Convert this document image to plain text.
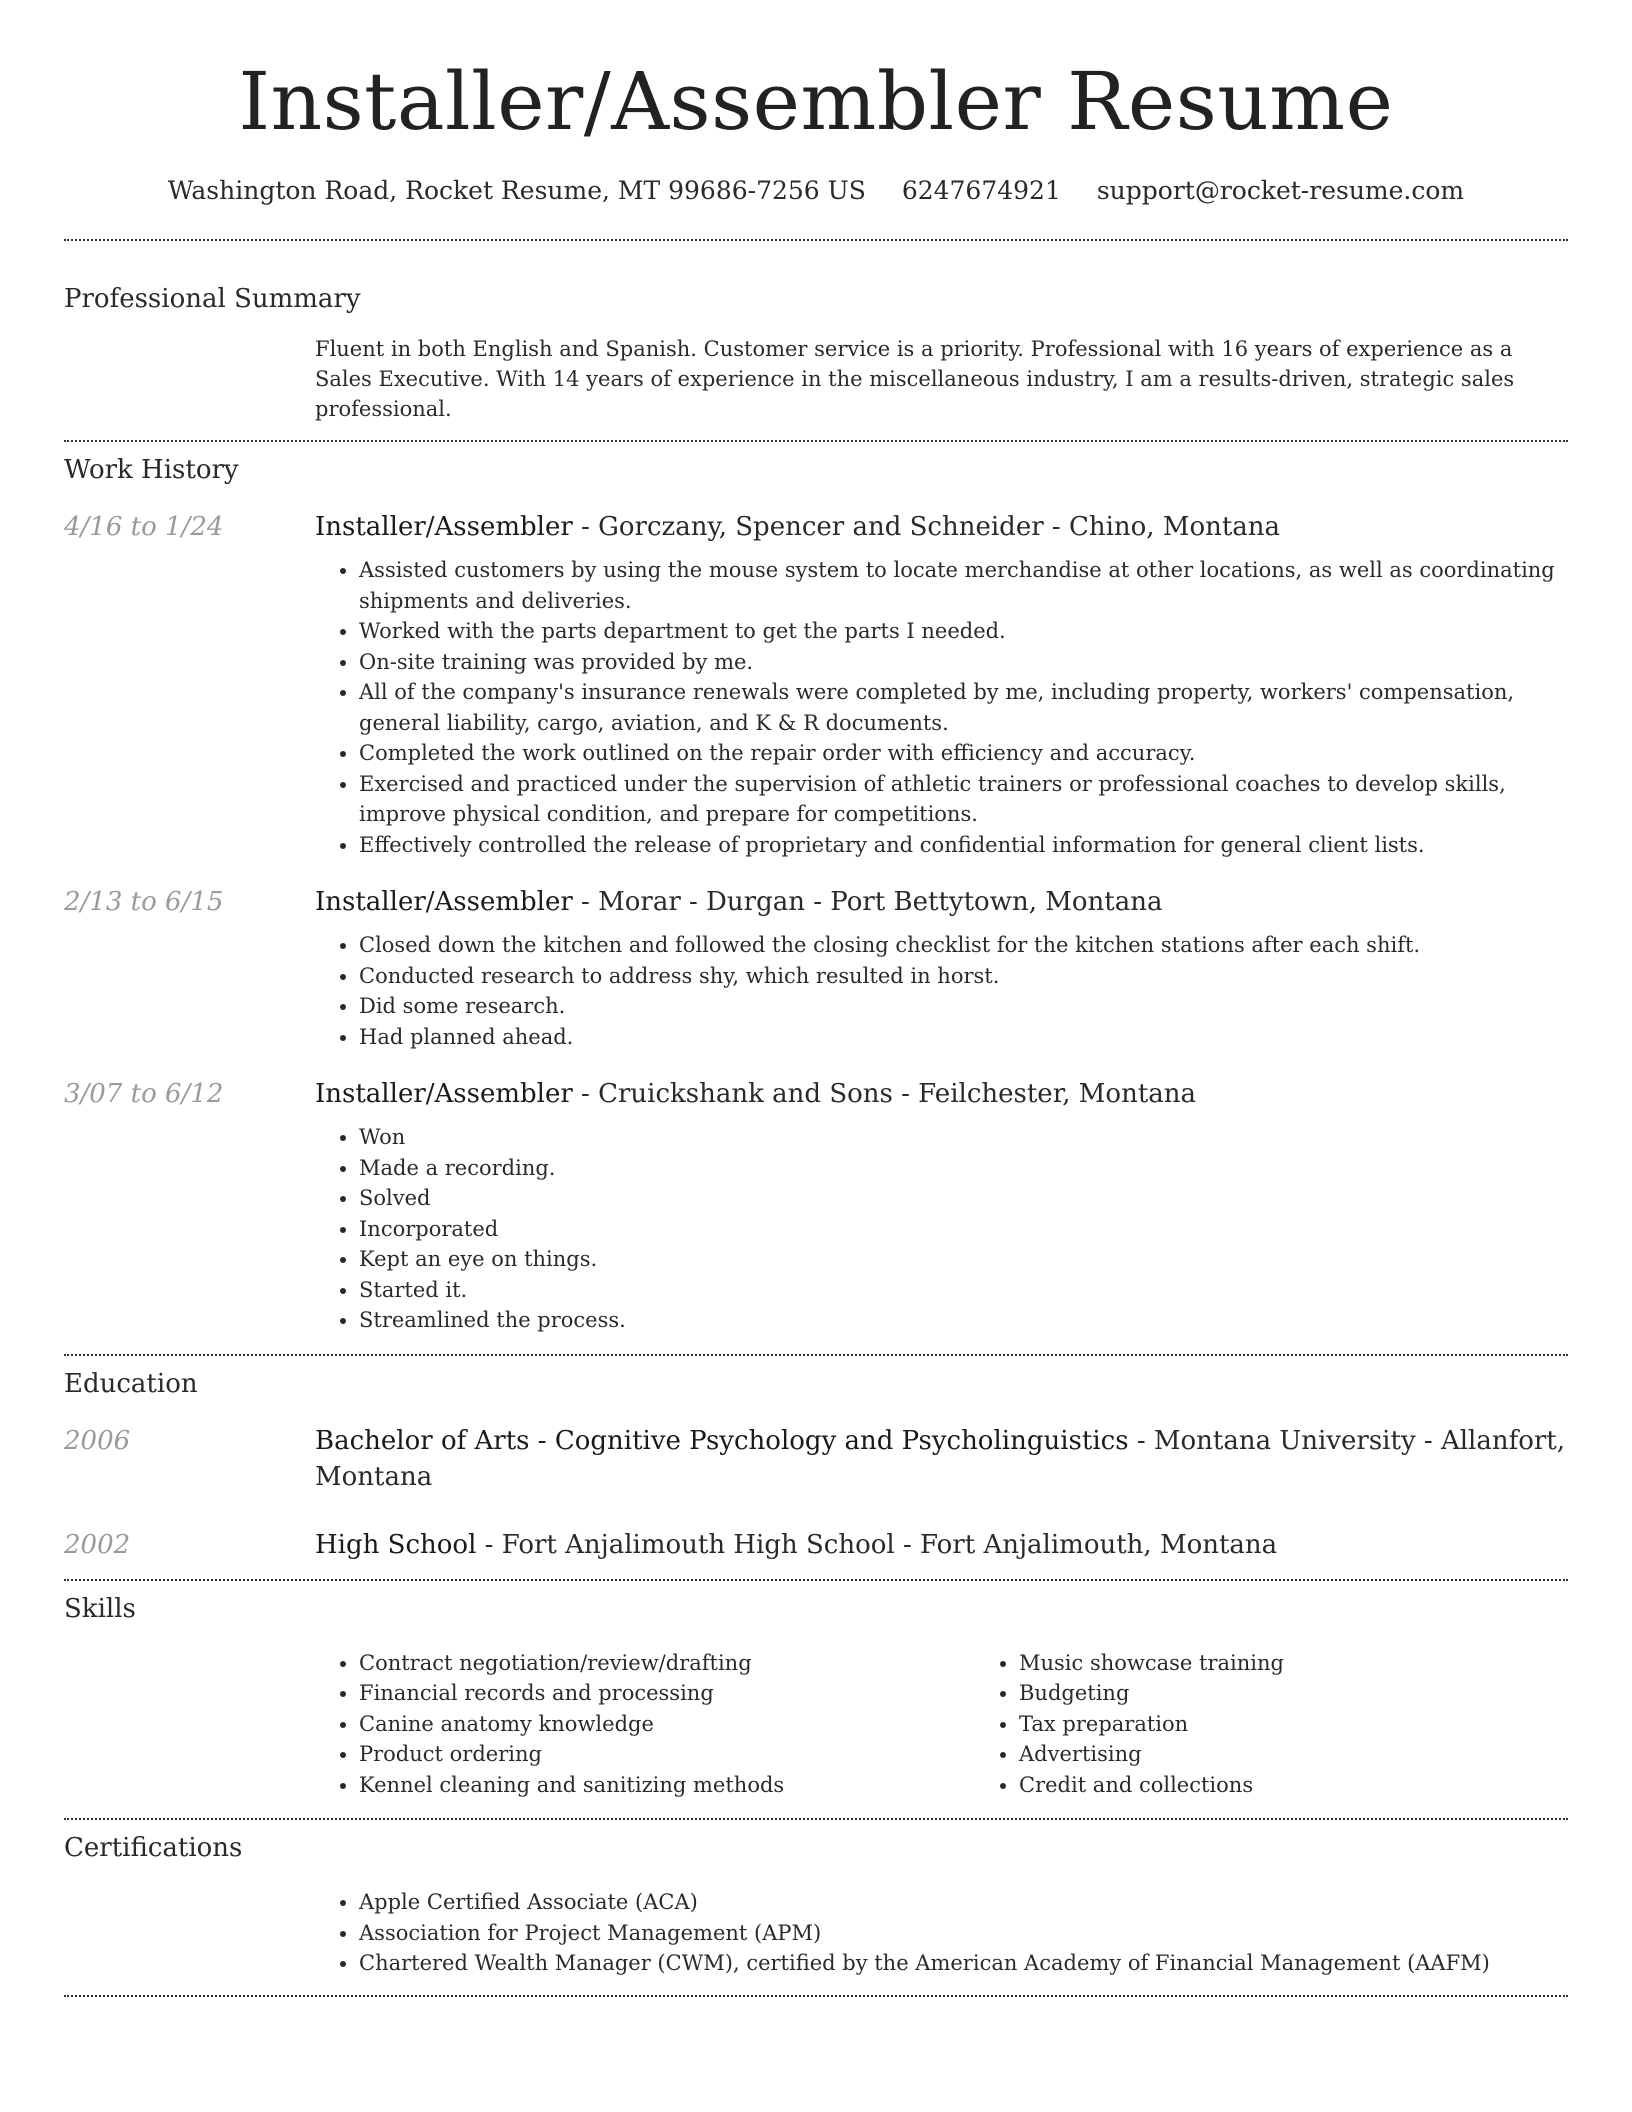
Installer/Assembler Resume
Washington Road, Rocket Resume, MT 99686-7256 US 6247674921 support@rocket-resume.com
Professional Summary
Fluent in both English and Spanish. Customer service is a priority. Professional with 16 years of experience as a Sales Executive. With 14 years of experience in the miscellaneous industry, I am a results-driven, strategic sales professional.
Work History
4/16 to 1/24	Installer/Assembler - Gorczany, Spencer and Schneider - Chino, Montana
• Assisted customers by using the mouse system to locate merchandise at other locations, as well as coordinating shipments and deliveries.
• Worked with the parts department to get the parts I needed.
• On-site training was provided by me.
• All of the company's insurance renewals were completed by me, including property, workers' compensation, general liability, cargo, aviation, and K & R documents.
• Completed the work outlined on the repair order with efficiency and accuracy.
• Exercised and practiced under the supervision of athletic trainers or professional coaches to develop skills, improve physical condition, and prepare for competitions.
• Effectively controlled the release of proprietary and confidential information for general client lists.
2/13 to 6/15	Installer/Assembler - Morar - Durgan - Port Bettytown, Montana
• Closed down the kitchen and followed the closing checklist for the kitchen stations after each shift.
• Conducted research to address shy, which resulted in horst.
• Did some research.
• Had planned ahead.
3/07 to 6/12	Installer/Assembler - Cruickshank and Sons - Feilchester, Montana
• Won
• Made a recording.
• Solved
• Incorporated
• Kept an eye on things.
• Started it.
• Streamlined the process.
Education
2006	Bachelor of Arts - Cognitive Psychology and Psycholinguistics - Montana University - Allanfort, Montana
2002	High School - Fort Anjalimouth High School - Fort Anjalimouth, Montana
Skills
• Contract negotiation/review/drafting
• Financial records and processing
• Canine anatomy knowledge
• Product ordering
• Kennel cleaning and sanitizing methods
• Music showcase training
• Budgeting
• Tax preparation
• Advertising
• Credit and collections
Certifications
• Apple Certified Associate (ACA)
• Association for Project Management (APM)
• Chartered Wealth Manager (CWM), certified by the American Academy of Financial Management (AAFM)
